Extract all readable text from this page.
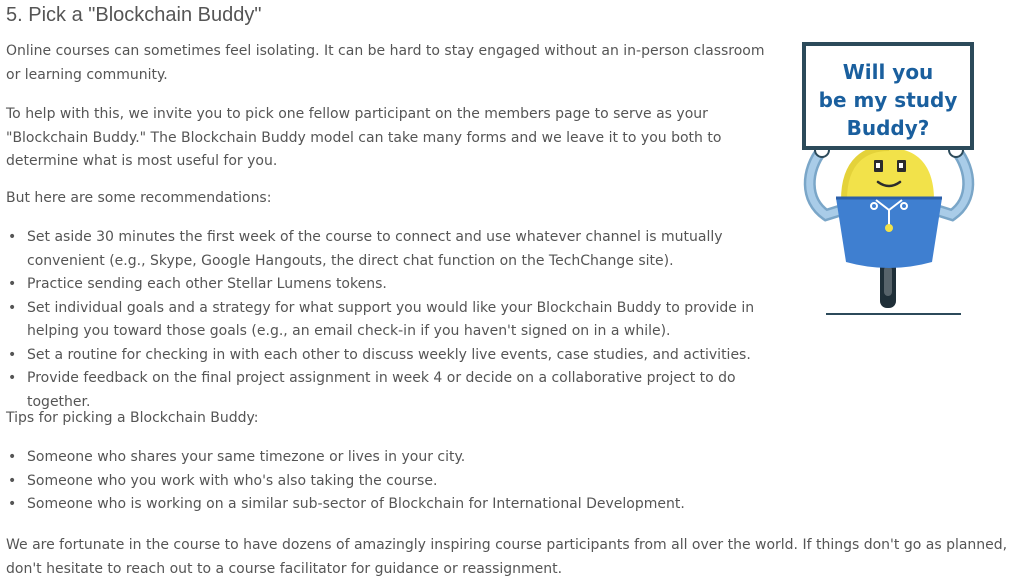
5. Pick a "Blockchain Buddy"

Online courses can sometimes feel isolating. It can be hard to stay engaged without an in-person classroom or learning community.

To help with this, we invite you to pick one fellow participant on the members page to serve as your "Blockchain Buddy." The Blockchain Buddy model can take many forms and we leave it to you both to determine what is most useful for you.

But here are some recommendations:

• Set aside 30 minutes the first week of the course to connect and use whatever channel is mutually convenient (e.g., Skype, Google Hangouts, the direct chat function on the TechChange site).
• Practice sending each other Stellar Lumens tokens.
• Set individual goals and a strategy for what support you would like your Blockchain Buddy to provide in helping you toward those goals (e.g., an email check-in if you haven't signed on in a while).
• Set a routine for checking in with each other to discuss weekly live events, case studies, and activities.
• Provide feedback on the final project assignment in week 4 or decide on a collaborative project to do together.

Tips for picking a Blockchain Buddy:

• Someone who shares your same timezone or lives in your city.
• Someone who you work with who's also taking the course.
• Someone who is working on a similar sub-sector of Blockchain for International Development.

We are fortunate in the course to have dozens of amazingly inspiring course participants from all over the world. If things don't go as planned, don't hesitate to reach out to a course facilitator for guidance or reassignment.

Will you
be my study
Buddy?
